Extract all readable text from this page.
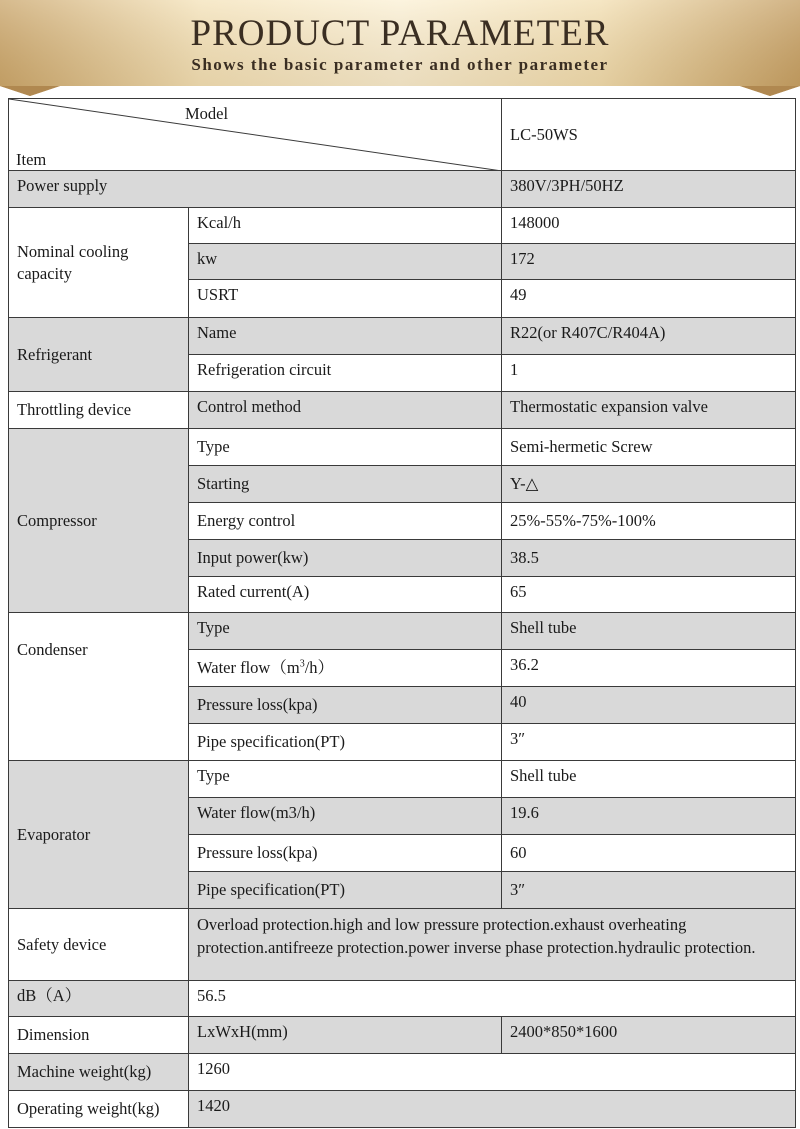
PRODUCT PARAMETER
Shows the basic parameter and other parameter
Model
Item		LC-50WS
Power supply		380V/3PH/50HZ
Nominal cooling capacity	Kcal/h	148000
	kw	172
	USRT	49
Refrigerant	Name	R22(or R407C/R404A)
	Refrigeration circuit	1
Throttling device	Control method	Thermostatic expansion valve
Compressor	Type	Semi-hermetic Screw
	Starting	Y-△
	Energy control	25%-55%-75%-100%
	Input power(kw)	38.5
	Rated current(A)	65
Condenser	Type	Shell tube
	Water $flow(m^3/h)$	36.2
	Pressure loss(kpa)	40
	Pipe specification(PT)	3″
Evaporator	Type	Shell tube
	Water flow(m3/h)	19.6
	Pressure loss(kpa)	60
	Pipe specification(PT)	3″
Safety device	Overload protection.high and low pressure protection.exhaust overheating protection.antifreeze protection.power inverse phase protection.hydraulic protection.	
dB（A）	56.5	
Dimension	LxWxH(mm)	2400*850*1600
Machine weight(kg)	1260	
Operating weight(kg)	1420	
